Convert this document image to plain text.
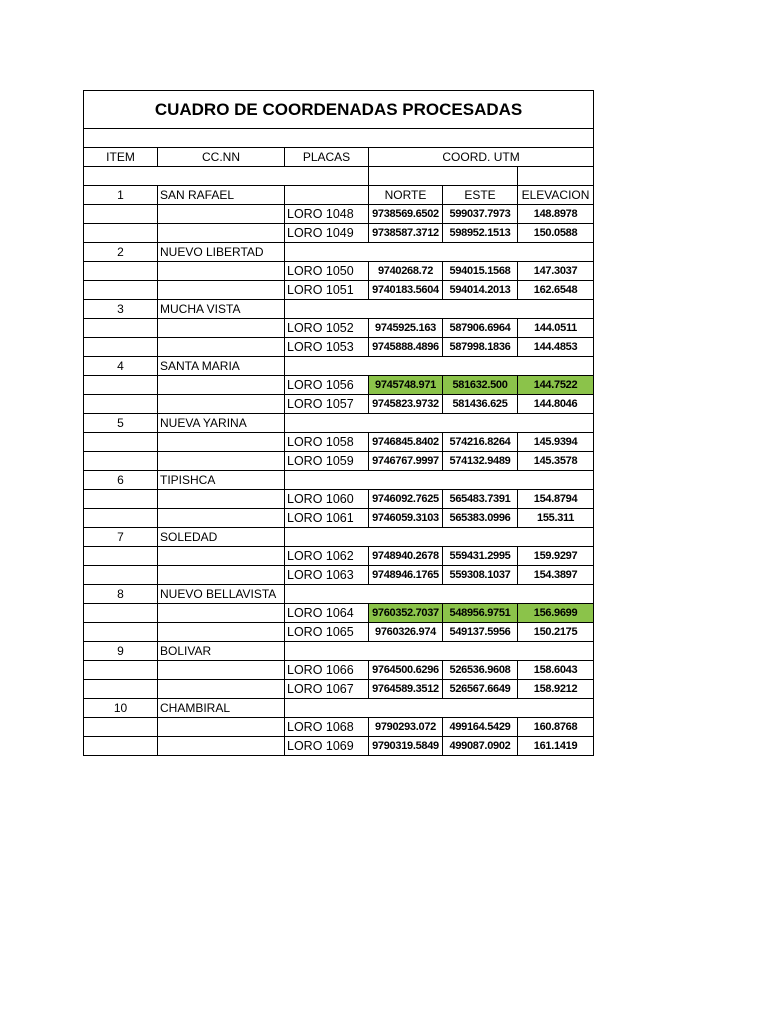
CUADRO DE COORDENADAS PROCESADAS					

ITEM	CC.NN	PLACAS	COORD. UTM		

1	SAN RAFAEL		NORTE	ESTE	ELEVACION
		LORO 1048	9738569.6502	599037.7973	148.8978
		LORO 1049	9738587.3712	598952.1513	150.0588
2	NUEVO LIBERTAD				
		LORO 1050	9740268.72	594015.1568	147.3037
		LORO 1051	9740183.5604	594014.2013	162.6548
3	MUCHA VISTA				
		LORO 1052	9745925.163	587906.6964	144.0511
		LORO 1053	9745888.4896	587998.1836	144.4853
4	SANTA MARIA				
		LORO 1056	9745748.971	581632.500	144.7522
		LORO 1057	9745823.9732	581436.625	144.8046
5	NUEVA YARINA				
		LORO 1058	9746845.8402	574216.8264	145.9394
		LORO 1059	9746767.9997	574132.9489	145.3578
6	TIPISHCA				
		LORO 1060	9746092.7625	565483.7391	154.8794
		LORO 1061	9746059.3103	565383.0996	155.311
7	SOLEDAD				
		LORO 1062	9748940.2678	559431.2995	159.9297
		LORO 1063	9748946.1765	559308.1037	154.3897
8	NUEVO BELLAVISTA				
		LORO 1064	9760352.7037	548956.9751	156.9699
		LORO 1065	9760326.974	549137.5956	150.2175
9	BOLIVAR				
		LORO 1066	9764500.6296	526536.9608	158.6043
		LORO 1067	9764589.3512	526567.6649	158.9212
10	CHAMBIRAL				
		LORO 1068	9790293.072	499164.5429	160.8768
		LORO 1069	9790319.5849	499087.0902	161.1419
